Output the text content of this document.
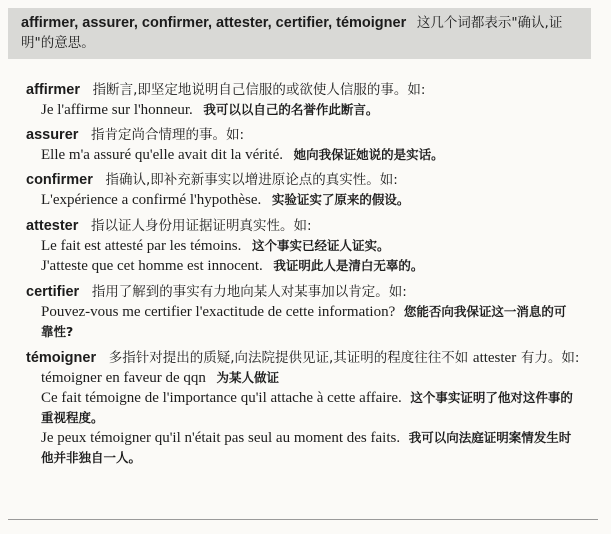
affirmer, assurer, confirmer, attester, certifier, témoigner 这几个词都表示"确认,证明"的意思。
affirmer 指断言,即坚定地说明自己信服的或欲使人信服的事。如:
Je l'affirme sur l'honneur. 我可以以自己的名誉作此断言。
assurer 指肯定尚合情理的事。如:
Elle m'a assuré qu'elle avait dit la vérité. 她向我保证她说的是实话。
confirmer 指确认,即补充新事实以增进原论点的真实性。如:
L'expérience a confirmé l'hypothèse. 实验证实了原来的假设。
attester 指以证人身份用证据证明真实性。如:
Le fait est attesté par les témoins. 这个事实已经证人证实。
J'atteste que cet homme est innocent. 我证明此人是清白无辜的。
certifier 指用了解到的事实有力地向某人对某事加以肯定。如:
Pouvez-vous me certifier l'exactitude de cette information? 您能否向我保证这一消息的可靠性?
témoigner 多指针对提出的质疑,向法院提供见证,其证明的程度往往不如 attester 有力。如:
témoigner en faveur de qqn 为某人做证
Ce fait témoigne de l'importance qu'il attache à cette affaire. 这个事实证明了他对这件事的重视程度。
Je peux témoigner qu'il n'était pas seul au moment des faits. 我可以向法庭证明案情发生时他并非独自一人。
